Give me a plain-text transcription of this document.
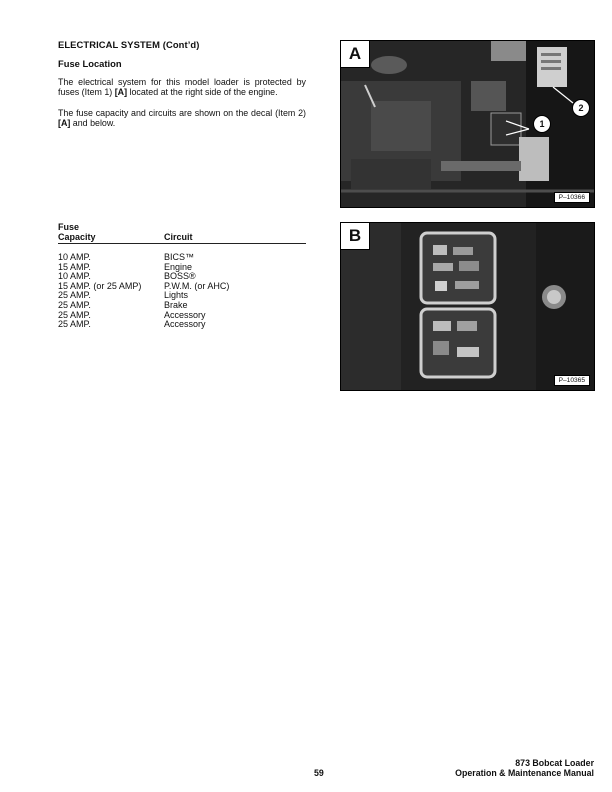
ELECTRICAL SYSTEM (Cont’d)
Fuse Location
The electrical system for this model loader is protected by fuses (Item 1) [A] located at the right side of the engine.
The fuse capacity and circuits are shown on the decal (Item 2) [A] and below.
Fuse
Capacity	Circuit
10 AMP.	BICS™
15 AMP.	Engine
10 AMP.	BOSS®
15 AMP. (or 25 AMP)	P.W.M. (or AHC)
25 AMP.	Lights
25 AMP.	Brake
25 AMP.	Accessory
25 AMP.	Accessory
A
1
2
P–10366
B
P–10365
59
873 Bobcat Loader
Operation & Maintenance Manual
